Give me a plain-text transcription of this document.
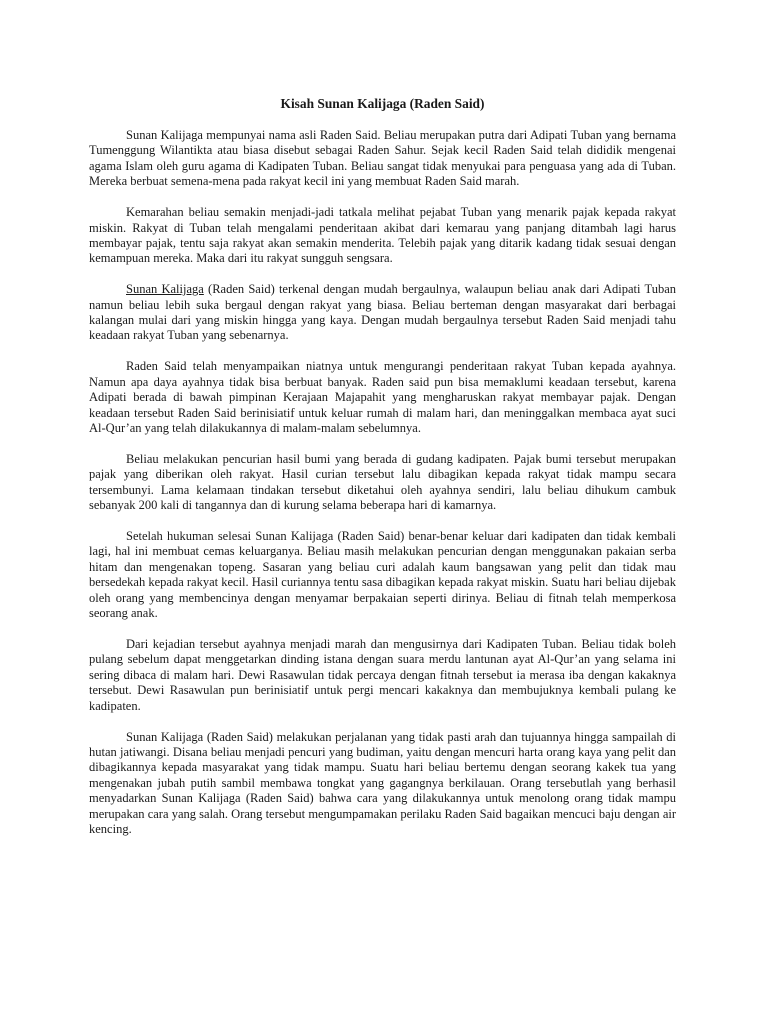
Kisah Sunan Kalijaga (Raden Said)

Sunan Kalijaga mempunyai nama asli Raden Said. Beliau merupakan putra dari Adipati Tuban yang bernama Tumenggung Wilantikta atau biasa disebut sebagai Raden Sahur. Sejak kecil Raden Said telah dididik mengenai agama Islam oleh guru agama di Kadipaten Tuban. Beliau sangat tidak menyukai para penguasa yang ada di Tuban. Mereka berbuat semena-mena pada rakyat kecil ini yang membuat Raden Said marah.

Kemarahan beliau semakin menjadi-jadi tatkala melihat pejabat Tuban yang menarik pajak kepada rakyat miskin. Rakyat di Tuban telah mengalami penderitaan akibat dari kemarau yang panjang ditambah lagi harus membayar pajak, tentu saja rakyat akan semakin menderita. Telebih pajak yang ditarik kadang tidak sesuai dengan kemampuan mereka. Maka dari itu rakyat sungguh sengsara.

Sunan Kalijaga (Raden Said) terkenal dengan mudah bergaulnya, walaupun beliau anak dari Adipati Tuban namun beliau lebih suka bergaul dengan rakyat yang biasa. Beliau berteman dengan masyarakat dari berbagai kalangan mulai dari yang miskin hingga yang kaya. Dengan mudah bergaulnya tersebut Raden Said menjadi tahu keadaan rakyat Tuban yang sebenarnya.

Raden Said telah menyampaikan niatnya untuk mengurangi penderitaan rakyat Tuban kepada ayahnya. Namun apa daya ayahnya tidak bisa berbuat banyak. Raden said pun bisa memaklumi keadaan tersebut, karena Adipati berada di bawah pimpinan Kerajaan Majapahit yang mengharuskan rakyat membayar pajak. Dengan keadaan tersebut Raden Said berinisiatif untuk keluar rumah di malam hari, dan meninggalkan membaca ayat suci Al-Qur’an yang telah dilakukannya di malam-malam sebelumnya.

Beliau melakukan pencurian hasil bumi yang berada di gudang kadipaten. Pajak bumi tersebut merupakan pajak yang diberikan oleh rakyat. Hasil curian tersebut lalu dibagikan kepada rakyat tidak mampu secara tersembunyi. Lama kelamaan tindakan tersebut diketahui oleh ayahnya sendiri, lalu beliau dihukum cambuk sebanyak 200 kali di tangannya dan di kurung selama beberapa hari di kamarnya.

Setelah hukuman selesai Sunan Kalijaga (Raden Said) benar-benar keluar dari kadipaten dan tidak kembali lagi, hal ini membuat cemas keluarganya. Beliau masih melakukan pencurian dengan menggunakan pakaian serba hitam dan mengenakan topeng. Sasaran yang beliau curi adalah kaum bangsawan yang pelit dan tidak mau bersedekah kepada rakyat kecil. Hasil curiannya tentu sasa dibagikan kepada rakyat miskin. Suatu hari beliau dijebak oleh orang yang membencinya dengan menyamar berpakaian seperti dirinya. Beliau di fitnah telah memperkosa seorang anak.

Dari kejadian tersebut ayahnya menjadi marah dan mengusirnya dari Kadipaten Tuban. Beliau tidak boleh pulang sebelum dapat menggetarkan dinding istana dengan suara merdu lantunan ayat Al-Qur’an yang selama ini sering dibaca di malam hari. Dewi Rasawulan tidak percaya dengan fitnah tersebut ia merasa iba dengan kakaknya tersebut. Dewi Rasawulan pun berinisiatif untuk pergi mencari kakaknya dan membujuknya kembali pulang ke kadipaten.

Sunan Kalijaga (Raden Said) melakukan perjalanan yang tidak pasti arah dan tujuannya hingga sampailah di hutan jatiwangi. Disana beliau menjadi pencuri yang budiman, yaitu dengan mencuri harta orang kaya yang pelit dan dibagikannya kepada masyarakat yang tidak mampu. Suatu hari beliau bertemu dengan seorang kakek tua yang mengenakan jubah putih sambil membawa tongkat yang gagangnya berkilauan. Orang tersebutlah yang berhasil menyadarkan Sunan Kalijaga (Raden Said) bahwa cara yang dilakukannya untuk menolong orang tidak mampu merupakan cara yang salah. Orang tersebut mengumpamakan perilaku Raden Said bagaikan mencuci baju dengan air kencing.
